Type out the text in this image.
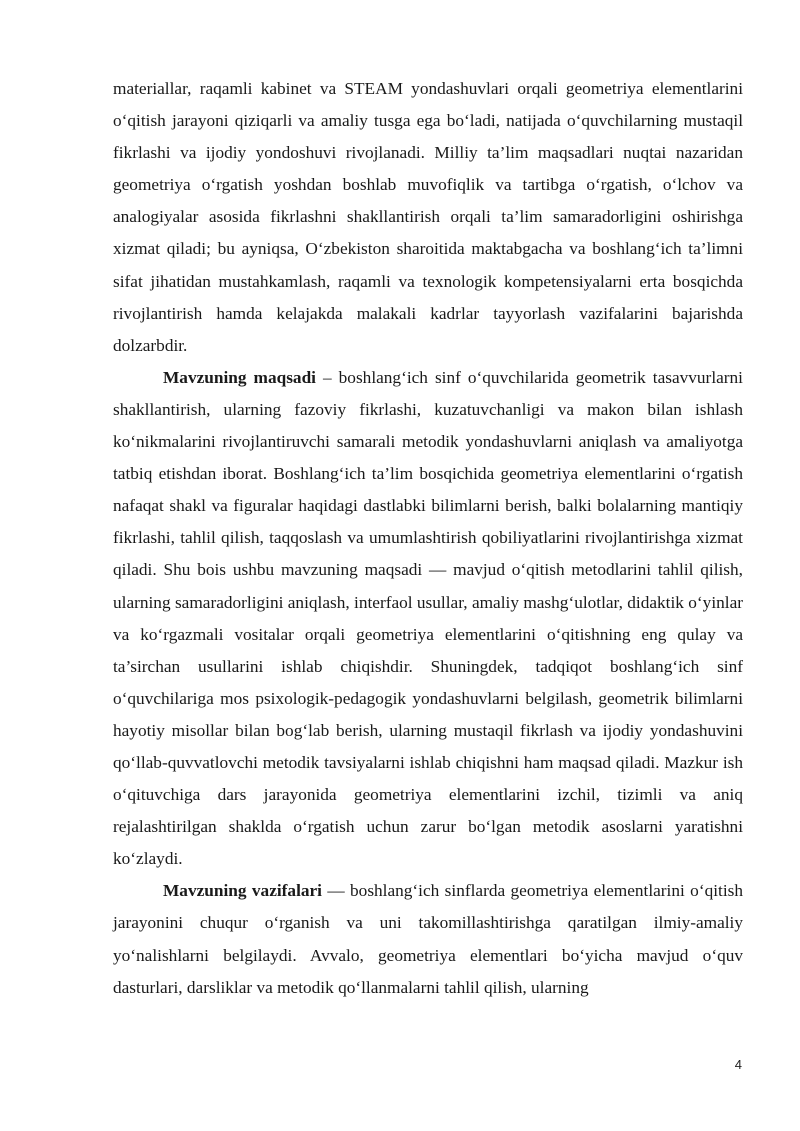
materiallar, raqamli kabinet va STEAM yondashuvlari orqali geometriya elementlarini o‘qitish jarayoni qiziqarli va amaliy tusga ega bo‘ladi, natijada o‘quvchilarning mustaqil fikrlashi va ijodiy yondoshuvi rivojlanadi. Milliy ta’lim maqsadlari nuqtai nazaridan geometriya o‘rgatish yoshdan boshlab muvofiqlik va tartibga o‘rgatish, o‘lchov va analogiyalar asosida fikrlashni shakllantirish orqali ta’lim samaradorligini oshirishga xizmat qiladi; bu ayniqsa, O‘zbekiston sharoitida maktabgacha va boshlang‘ich ta’limni sifat jihatidan mustahkamlash, raqamli va texnologik kompetensiyalarni erta bosqichda rivojlantirish hamda kelajakda malakali kadrlar tayyorlash vazifalarini bajarishda dolzarbdir.

Mavzuning maqsadi – boshlang‘ich sinf o‘quvchilarida geometrik tasavvurlarni shakllantirish, ularning fazoviy fikrlashi, kuzatuvchanligi va makon bilan ishlash ko‘nikmalarini rivojlantiruvchi samarali metodik yondashuvlarni aniqlash va amaliyotga tatbiq etishdan iborat. Boshlang‘ich ta’lim bosqichida geometriya elementlarini o‘rgatish nafaqat shakl va figuralar haqidagi dastlabki bilimlarni berish, balki bolalarning mantiqiy fikrlashi, tahlil qilish, taqqoslash va umumlashtirish qobiliyatlarini rivojlantirishga xizmat qiladi. Shu bois ushbu mavzuning maqsadi — mavjud o‘qitish metodlarini tahlil qilish, ularning samaradorligini aniqlash, interfaol usullar, amaliy mashg‘ulotlar, didaktik o‘yinlar va ko‘rgazmali vositalar orqali geometriya elementlarini o‘qitishning eng qulay va ta’sirchan usullarini ishlab chiqishdir. Shuningdek, tadqiqot boshlang‘ich sinf o‘quvchilariga mos psixologik-pedagogik yondashuvlarni belgilash, geometrik bilimlarni hayotiy misollar bilan bog‘lab berish, ularning mustaqil fikrlash va ijodiy yondashuvini qo‘llab-quvvatlovchi metodik tavsiyalarni ishlab chiqishni ham maqsad qiladi. Mazkur ish o‘qituvchiga dars jarayonida geometriya elementlarini izchil, tizimli va aniq rejalashtirilgan shaklda o‘rgatish uchun zarur bo‘lgan metodik asoslarni yaratishni ko‘zlaydi.

Mavzuning vazifalari — boshlang‘ich sinflarda geometriya elementlarini o‘qitish jarayonini chuqur o‘rganish va uni takomillashtirishga qaratilgan ilmiy-amaliy yo‘nalishlarni belgilaydi. Avvalo, geometriya elementlari bo‘yicha mavjud o‘quv dasturlari, darsliklar va metodik qo‘llanmalarni tahlil qilish, ularning

4
